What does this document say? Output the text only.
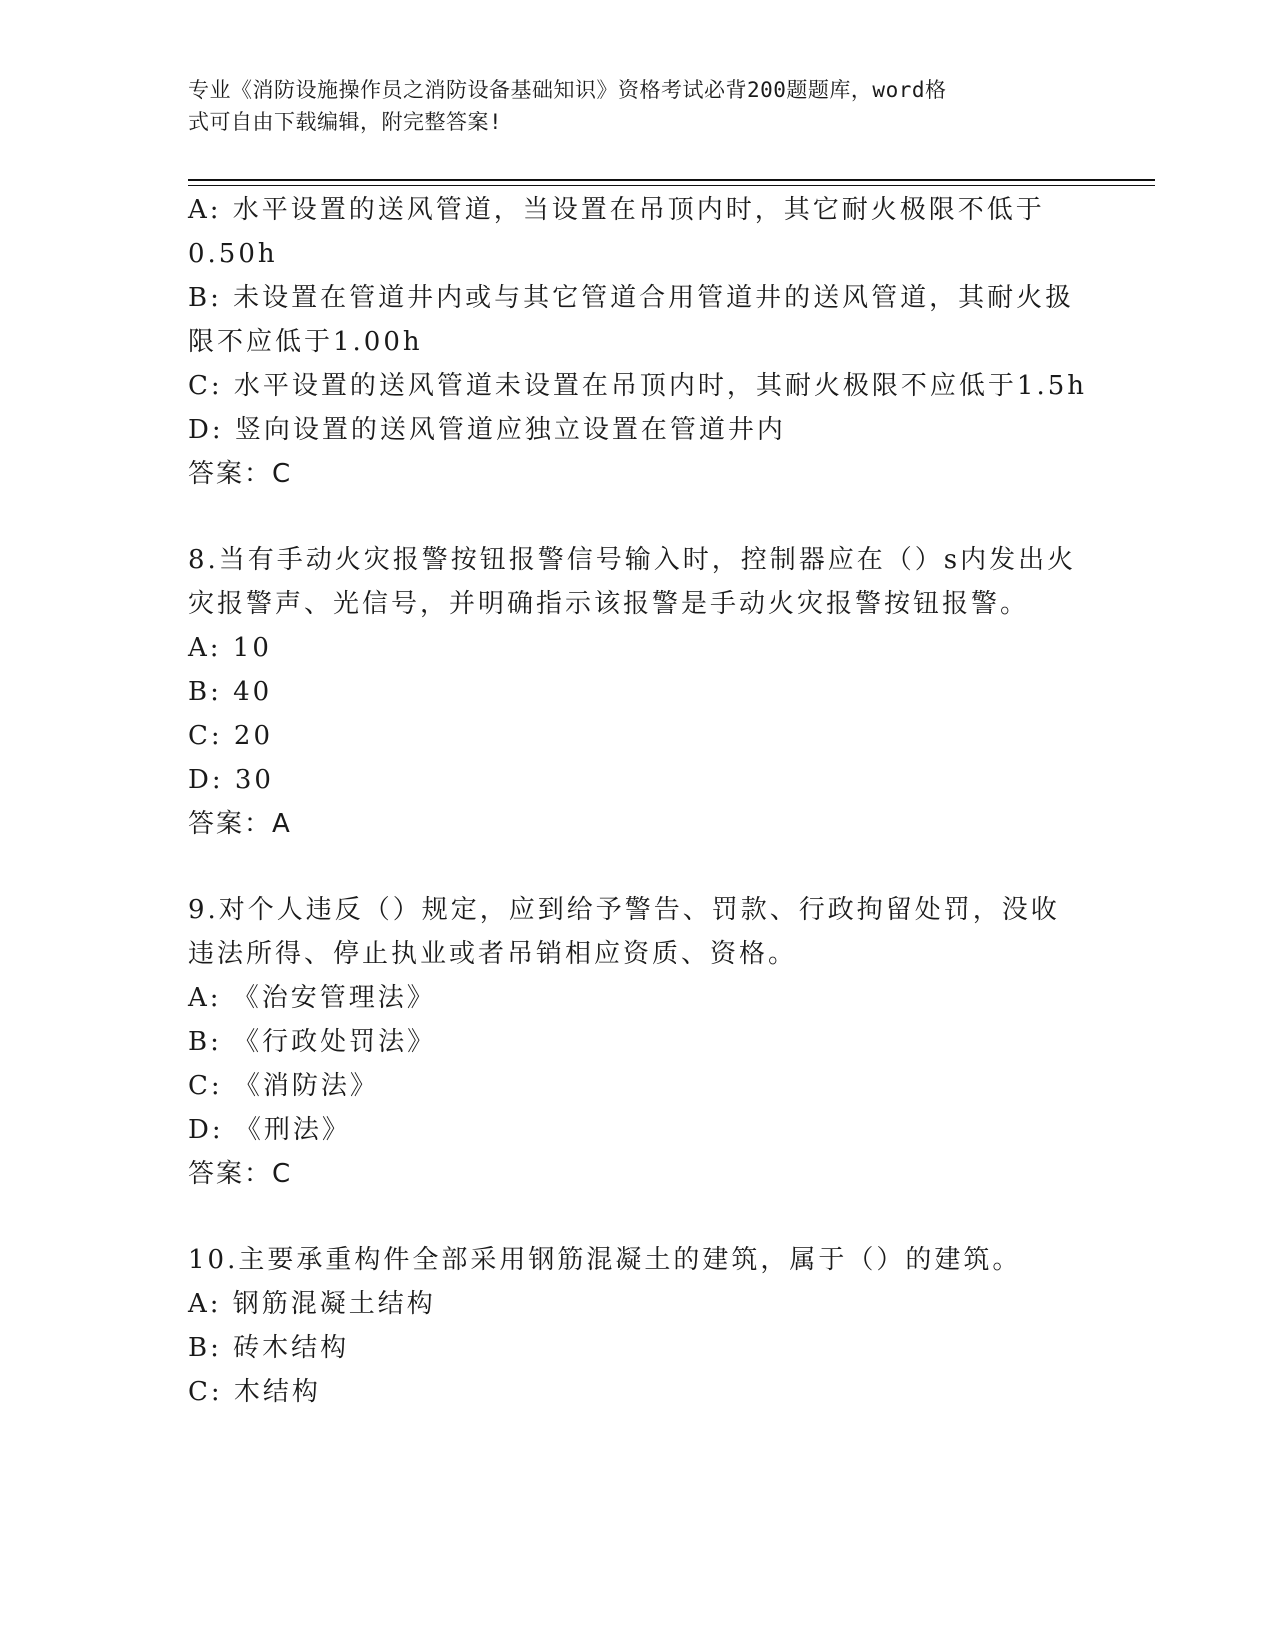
专业《消防设施操作员之消防设备基础知识》资格考试必背200题题库，word格
式可自由下载编辑，附完整答案!
A: 水平设置的送风管道，当设置在吊顶内时，其它耐火极限不低于
0.50h
B: 未设置在管道井内或与其它管道合用管道井的送风管道，其耐火扱
限不应低于1.00h
C: 水平设置的送风管道未设置在吊顶内时，其耐火极限不应低于1.5h
D: 竖向设置的送风管道应独立设置在管道井内
答案：C
8.当有手动火灾报警按钮报警信号输入时，控制器应在（）s内发出火
灾报警声、光信号，并明确指示该报警是手动火灾报警按钮报警。
A: 10
B: 40
C: 20
D: 30
答案：A
9.对个人违反（）规定，应到给予警告、罚款、行政拘留处罚，没收
违法所得、停止执业或者吊销相应资质、资格。
A: 《治安管理法》
B: 《行政处罚法》
C: 《消防法》
D: 《刑法》
答案：C
10.主要承重构件全部采用钢筋混凝土的建筑，属于（）的建筑。
A: 钢筋混凝土结构
B: 砖木结构
C: 木结构
